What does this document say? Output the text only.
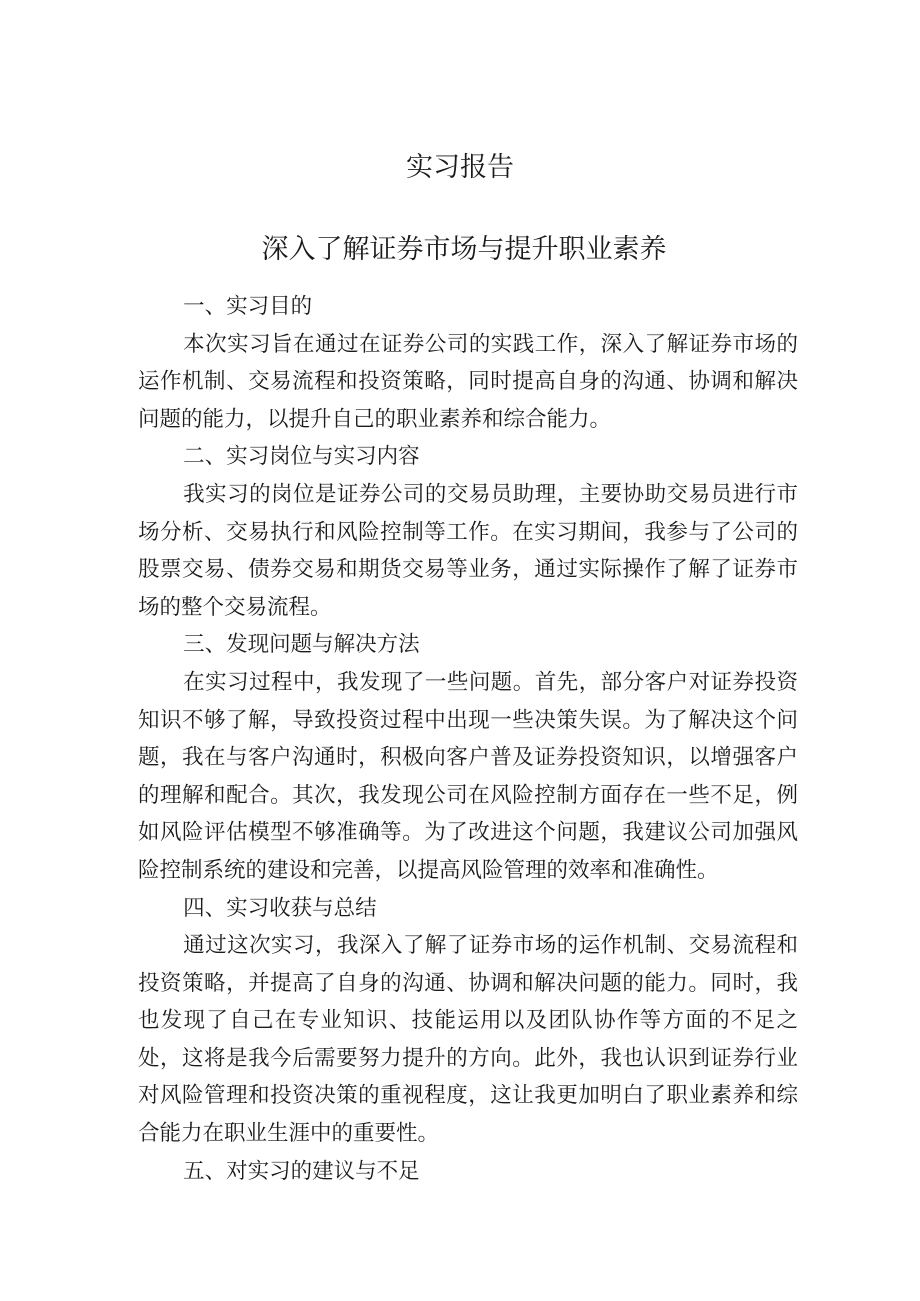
实习报告
深入了解证券市场与提升职业素养

一、实习目的

本次实习旨在通过在证券公司的实践工作，深入了解证券市场的运作机制、交易流程和投资策略，同时提高自身的沟通、协调和解决问题的能力，以提升自己的职业素养和综合能力。

二、实习岗位与实习内容

我实习的岗位是证券公司的交易员助理，主要协助交易员进行市场分析、交易执行和风险控制等工作。在实习期间，我参与了公司的股票交易、债券交易和期货交易等业务，通过实际操作了解了证券市场的整个交易流程。

三、发现问题与解决方法

在实习过程中，我发现了一些问题。首先，部分客户对证券投资知识不够了解，导致投资过程中出现一些决策失误。为了解决这个问题，我在与客户沟通时，积极向客户普及证券投资知识，以增强客户的理解和配合。其次，我发现公司在风险控制方面存在一些不足，例如风险评估模型不够准确等。为了改进这个问题，我建议公司加强风险控制系统的建设和完善，以提高风险管理的效率和准确性。

四、实习收获与总结

通过这次实习，我深入了解了证券市场的运作机制、交易流程和投资策略，并提高了自身的沟通、协调和解决问题的能力。同时，我也发现了自己在专业知识、技能运用以及团队协作等方面的不足之处，这将是我今后需要努力提升的方向。此外，我也认识到证券行业对风险管理和投资决策的重视程度，这让我更加明白了职业素养和综合能力在职业生涯中的重要性。

五、对实习的建议与不足
